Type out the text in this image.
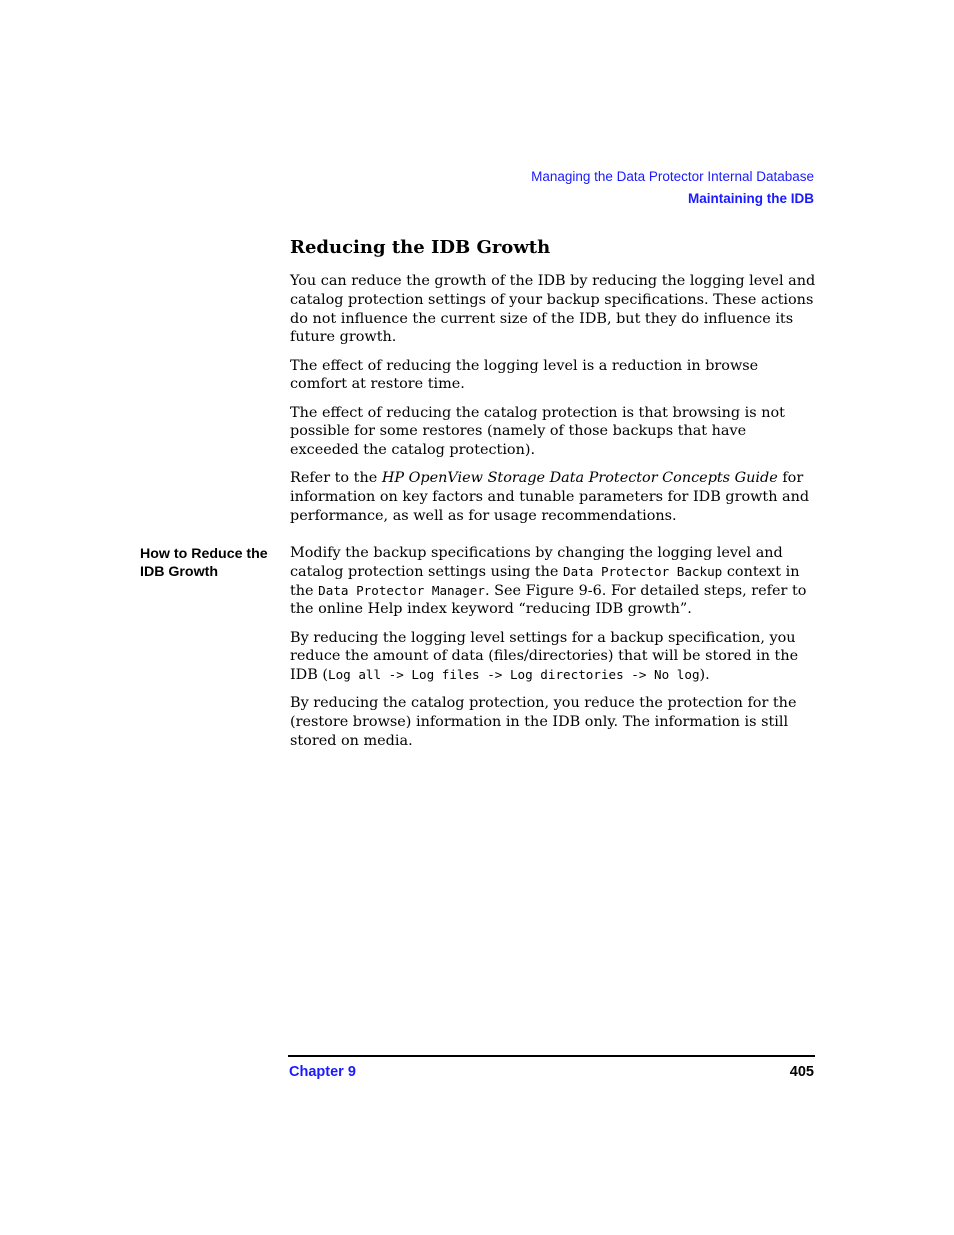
Managing the Data Protector Internal Database
Maintaining the IDB
Reducing the IDB Growth

You can reduce the growth of the IDB by reducing the logging level and catalog protection settings of your backup specifications. These actions do not influence the current size of the IDB, but they do influence its future growth.

The effect of reducing the logging level is a reduction in browse comfort at restore time.

The effect of reducing the catalog protection is that browsing is not possible for some restores (namely of those backups that have exceeded the catalog protection).

Refer to the HP OpenView Storage Data Protector Concepts Guide for information on key factors and tunable parameters for IDB growth and performance, as well as for usage recommendations.

How to Reduce the IDB Growth

Modify the backup specifications by changing the logging level and catalog protection settings using the Data Protector Backup context in the Data Protector Manager. See Figure 9-6. For detailed steps, refer to the online Help index keyword “reducing IDB growth”.

By reducing the logging level settings for a backup specification, you reduce the amount of data (files/directories) that will be stored in the IDB (Log all -> Log files -> Log directories -> No log).

By reducing the catalog protection, you reduce the protection for the (restore browse) information in the IDB only. The information is still stored on media.

Chapter 9	405
